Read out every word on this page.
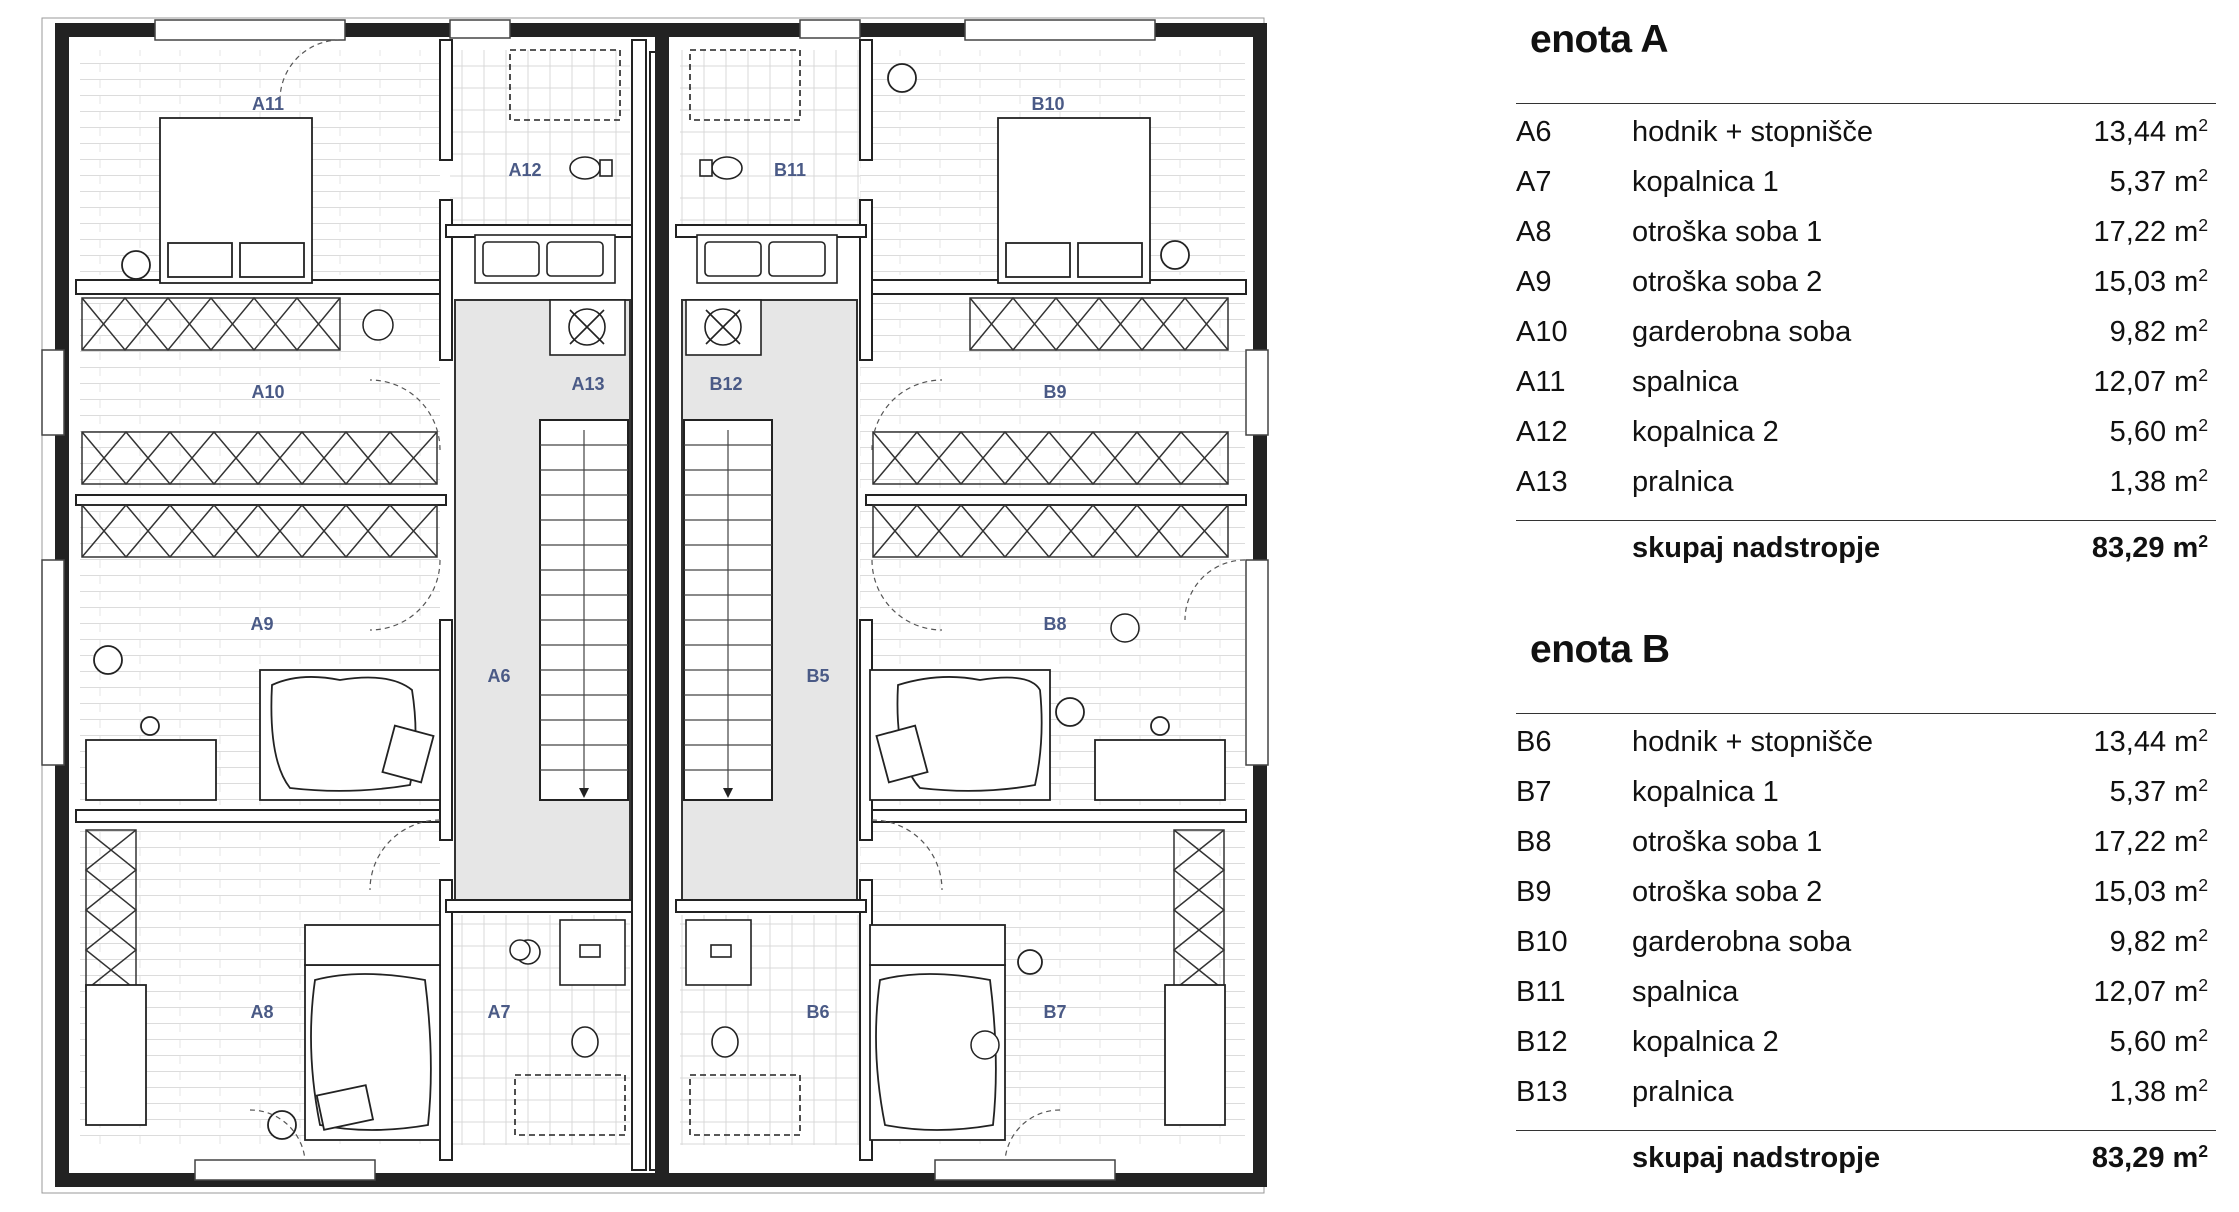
A11
A12
A13
A10
A9
A6
A8	A7
B10
B11
B12	B9
B8
B5
B6	B7
enota A
A6	hodnik + stopnišče	13,44 $m^2$
A7	kopalnica 1	5,37 $m^2$
A8	otroška soba 1	17,22 $m^2$
A9	otroška soba 2	15,03 $m^2$
A10 garderobna soba	9,82 $m^2$
A11 spalnica	12,07 $m^2$
A12 kopalnica 2	5,60 $m^2$
A13 pralnica	1,38 $m^2$
skupaj nadstropje	83,29 $m^2$
enota B
B6	hodnik + stopnišče	13,44 $m^2$
B7	kopalnica 1	5,37 $m^2$
B8	otroška soba 1	17,22 $m^2$
B9	otroška soba 2	15,03 $m^2$
B10 garderobna soba	9,82 $m^2$
B11 spalnica	12,07 $m^2$
B12 kopalnica 2	5,60 $m^2$
B13 pralnica	1,38 $m^2$
skupaj nadstropje	83,29 $m^2$
